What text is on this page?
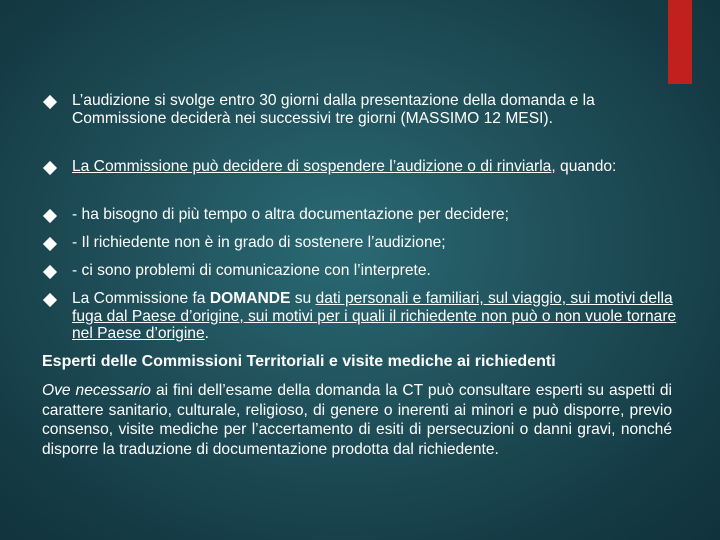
L’audizione si svolge entro 30 giorni dalla presentazione della domanda e la Commissione deciderà nei successivi tre giorni (MASSIMO 12 MESI).
La Commissione può decidere di sospendere l’audizione o di rinviarla, quando:
- ha bisogno di più tempo o altra documentazione per decidere;
- Il richiedente non è in grado di sostenere l’audizione;
- ci sono problemi di comunicazione con l’interprete.
La Commissione fa DOMANDE su dati personali e familiari, sul viaggio, sui motivi della fuga dal Paese d’origine, sui motivi per i quali il richiedente non può o non vuole tornare nel Paese d’origine.
Esperti delle Commissioni Territoriali e visite mediche ai richiedenti
Ove necessario ai fini dell’esame della domanda la CT può consultare esperti su aspetti di carattere sanitario, culturale, religioso, di genere o inerenti ai minori e può disporre, previo consenso, visite mediche per l’accertamento di esiti di persecuzioni o danni gravi, nonché disporre la traduzione di documentazione prodotta dal richiedente.
